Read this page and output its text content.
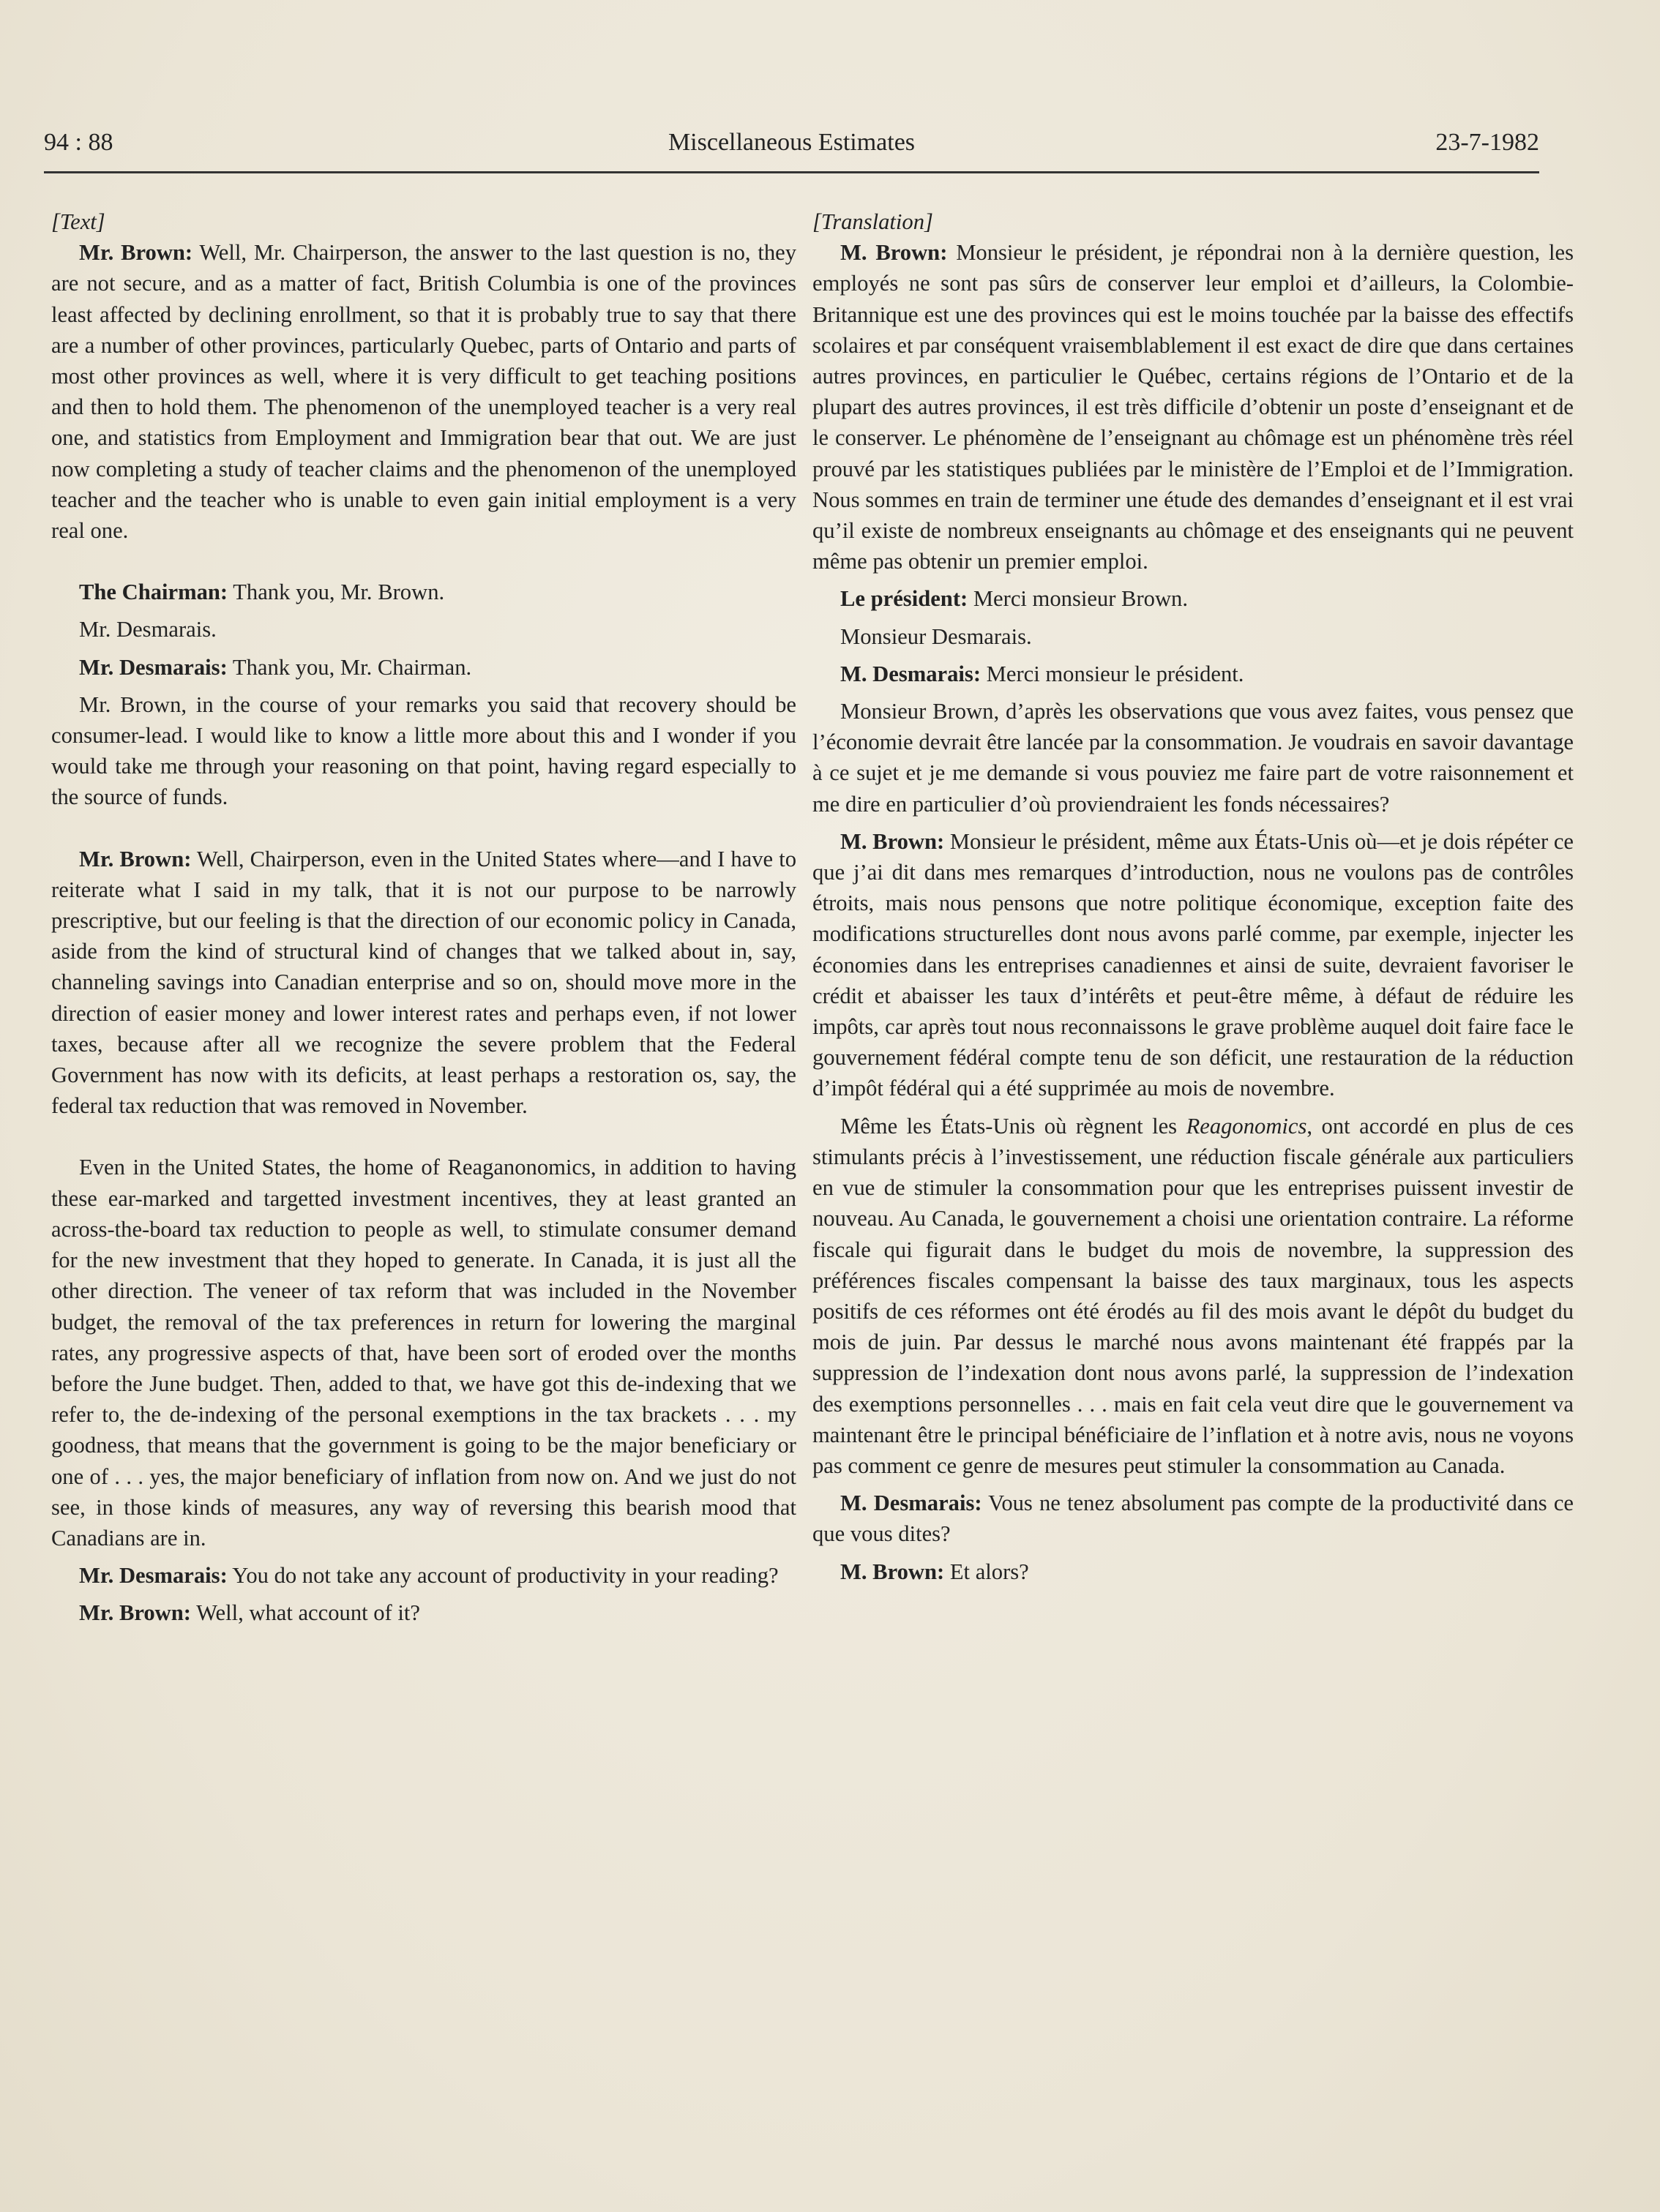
94 : 88	Miscellaneous Estimates	23-7-1982

[Text]

Mr. Brown: Well, Mr. Chairperson, the answer to the last question is no, they are not secure, and as a matter of fact, British Columbia is one of the provinces least affected by declining enrollment, so that it is probably true to say that there are a number of other provinces, particularly Quebec, parts of Ontario and parts of most other provinces as well, where it is very difficult to get teaching positions and then to hold them. The phenomenon of the unemployed teacher is a very real one, and statistics from Employment and Immigration bear that out. We are just now completing a study of teacher claims and the phenomenon of the unemployed teacher and the teacher who is unable to even gain initial employment is a very real one.

The Chairman: Thank you, Mr. Brown.

Mr. Desmarais.

Mr. Desmarais: Thank you, Mr. Chairman.

Mr. Brown, in the course of your remarks you said that recovery should be consumer-lead. I would like to know a little more about this and I wonder if you would take me through your reasoning on that point, having regard especially to the source of funds.

Mr. Brown: Well, Chairperson, even in the United States where—and I have to reiterate what I said in my talk, that it is not our purpose to be narrowly prescriptive, but our feeling is that the direction of our economic policy in Canada, aside from the kind of structural kind of changes that we talked about in, say, channeling savings into Canadian enterprise and so on, should move more in the direction of easier money and lower interest rates and perhaps even, if not lower taxes, because after all we recognize the severe problem that the Federal Government has now with its deficits, at least perhaps a restoration os, say, the federal tax reduction that was removed in November.

Even in the United States, the home of Reaganonomics, in addition to having these ear-marked and targetted investment incentives, they at least granted an across-the-board tax reduction to people as well, to stimulate consumer demand for the new investment that they hoped to generate. In Canada, it is just all the other direction. The veneer of tax reform that was included in the November budget, the removal of the tax preferences in return for lowering the marginal rates, any progressive aspects of that, have been sort of eroded over the months before the June budget. Then, added to that, we have got this de-indexing that we refer to, the de-indexing of the personal exemptions in the tax brackets . . . my goodness, that means that the government is going to be the major beneficiary or one of . . . yes, the major beneficiary of inflation from now on. And we just do not see, in those kinds of measures, any way of reversing this bearish mood that Canadians are in.

Mr. Desmarais: You do not take any account of productivity in your reading?

Mr. Brown: Well, what account of it?

[Translation]

M. Brown: Monsieur le président, je répondrai non à la dernière question, les employés ne sont pas sûrs de conserver leur emploi et d’ailleurs, la Colombie-Britannique est une des provinces qui est le moins touchée par la baisse des effectifs scolaires et par conséquent vraisemblablement il est exact de dire que dans certaines autres provinces, en particulier le Québec, certains régions de l’Ontario et de la plupart des autres provinces, il est très difficile d’obtenir un poste d’enseignant et de le conserver. Le phénomène de l’enseignant au chômage est un phénomène très réel prouvé par les statistiques publiées par le ministère de l’Emploi et de l’Immigration. Nous sommes en train de terminer une étude des demandes d’enseignant et il est vrai qu’il existe de nombreux enseignants au chômage et des enseignants qui ne peuvent même pas obtenir un premier emploi.

Le président: Merci monsieur Brown.

Monsieur Desmarais.

M. Desmarais: Merci monsieur le président.

Monsieur Brown, d’après les observations que vous avez faites, vous pensez que l’économie devrait être lancée par la consommation. Je voudrais en savoir davantage à ce sujet et je me demande si vous pouviez me faire part de votre raisonnement et me dire en particulier d’où proviendraient les fonds nécessaires?

M. Brown: Monsieur le président, même aux États-Unis où—et je dois répéter ce que j’ai dit dans mes remarques d’introduction, nous ne voulons pas de contrôles étroits, mais nous pensons que notre politique économique, exception faite des modifications structurelles dont nous avons parlé comme, par exemple, injecter les économies dans les entreprises canadiennes et ainsi de suite, devraient favoriser le crédit et abaisser les taux d’intérêts et peut-être même, à défaut de réduire les impôts, car après tout nous reconnaissons le grave problème auquel doit faire face le gouvernement fédéral compte tenu de son déficit, une restauration de la réduction d’impôt fédéral qui a été supprimée au mois de novembre.

Même les États-Unis où règnent les Reagonomics, ont accordé en plus de ces stimulants précis à l’investissement, une réduction fiscale générale aux particuliers en vue de stimuler la consommation pour que les entreprises puissent investir de nouveau. Au Canada, le gouvernement a choisi une orientation contraire. La réforme fiscale qui figurait dans le budget du mois de novembre, la suppression des préférences fiscales compensant la baisse des taux marginaux, tous les aspects positifs de ces réformes ont été érodés au fil des mois avant le dépôt du budget du mois de juin. Par dessus le marché nous avons maintenant été frappés par la suppression de l’indexation dont nous avons parlé, la suppression de l’indexation des exemptions personnelles . . . mais en fait cela veut dire que le gouvernement va maintenant être le principal bénéficiaire de l’inflation et à notre avis, nous ne voyons pas comment ce genre de mesures peut stimuler la consommation au Canada.

M. Desmarais: Vous ne tenez absolument pas compte de la productivité dans ce que vous dites?

M. Brown: Et alors?
